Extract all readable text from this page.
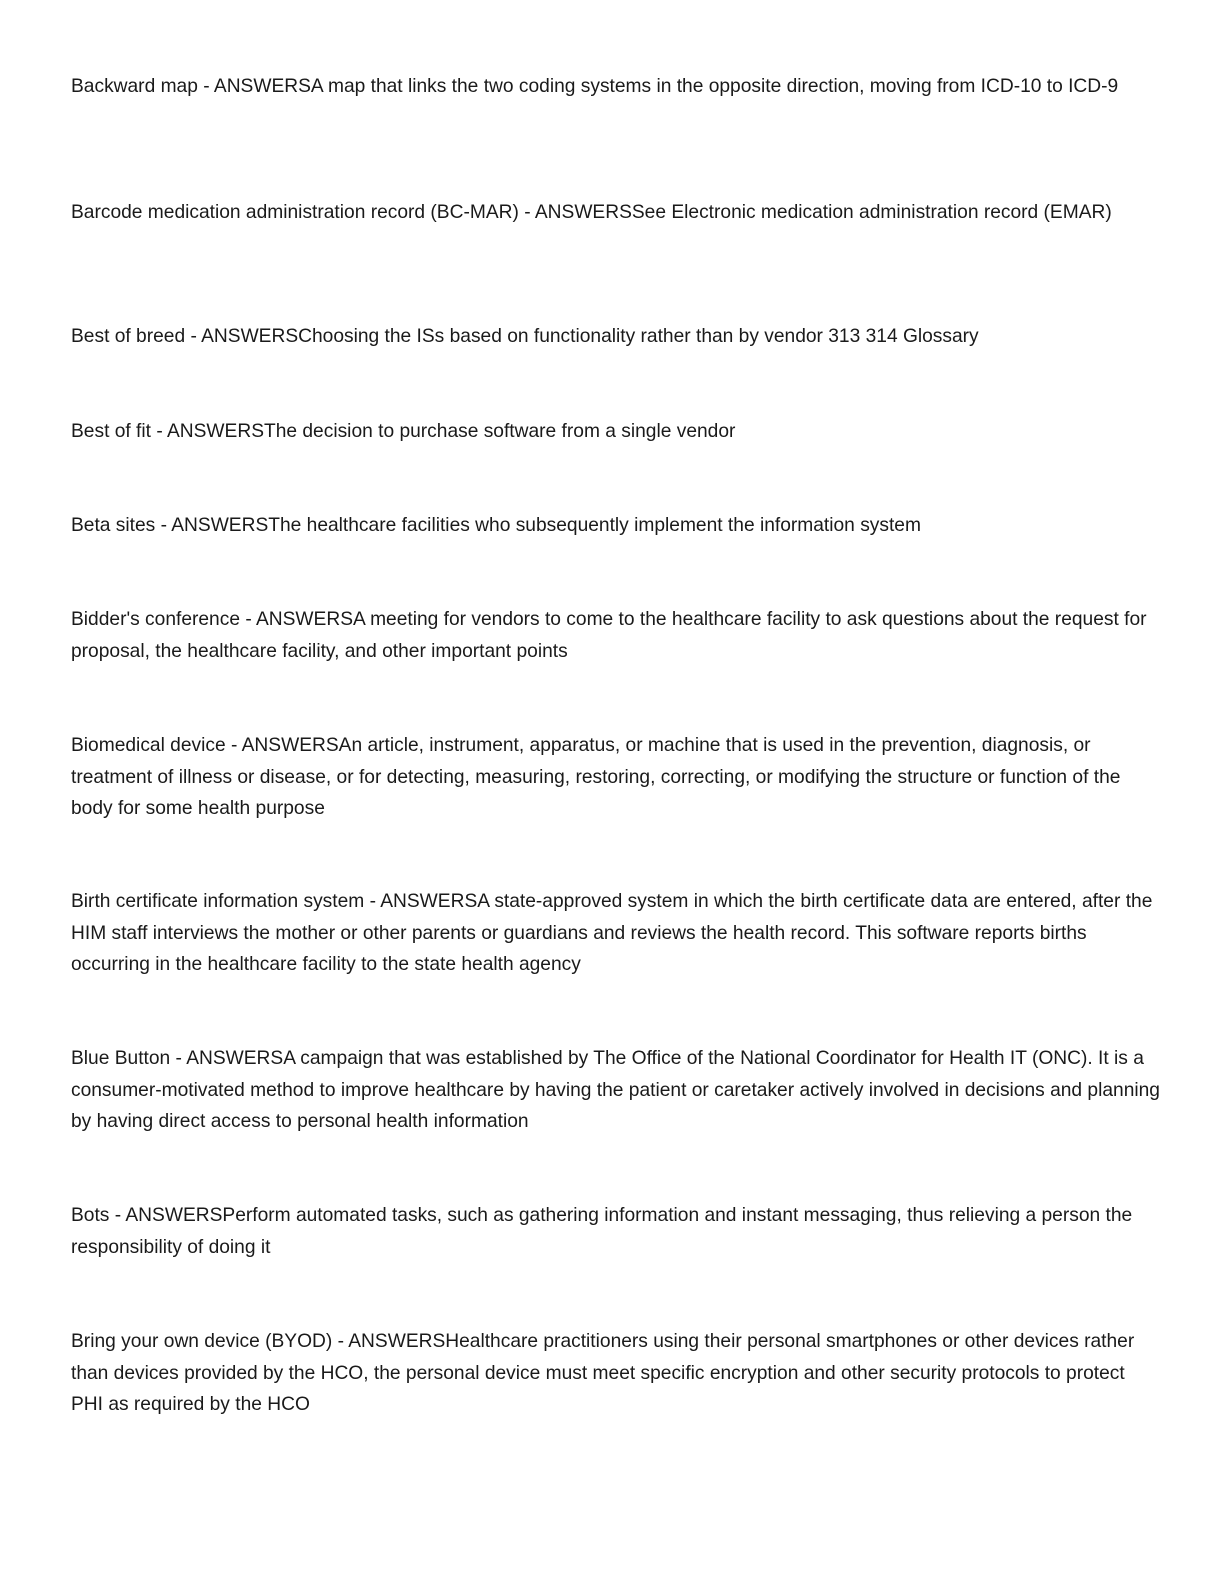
Backward map - ANSWERSA map that links the two coding systems in the opposite direction, moving from ICD-10 to ICD-9

Barcode medication administration record (BC-MAR) - ANSWERSSee Electronic medication administration record (EMAR)

Best of breed - ANSWERSChoosing the ISs based on functionality rather than by vendor 313 314 Glossary

Best of fit - ANSWERSThe decision to purchase software from a single vendor

Beta sites - ANSWERSThe healthcare facilities who subsequently implement the information system

Bidder's conference - ANSWERSA meeting for vendors to come to the healthcare facility to ask questions about the request for proposal, the healthcare facility, and other important points

Biomedical device - ANSWERSAn article, instrument, apparatus, or machine that is used in the prevention, diagnosis, or treatment of illness or disease, or for detecting, measuring, restoring, correcting, or modifying the structure or function of the body for some health purpose

Birth certificate information system - ANSWERSA state-approved system in which the birth certificate data are entered, after the HIM staff interviews the mother or other parents or guardians and reviews the health record. This software reports births occurring in the healthcare facility to the state health agency

Blue Button - ANSWERSA campaign that was established by The Office of the National Coordinator for Health IT (ONC). It is a consumer-motivated method to improve healthcare by having the patient or caretaker actively involved in decisions and planning by having direct access to personal health information

Bots - ANSWERSPerform automated tasks, such as gathering information and instant messaging, thus relieving a person the responsibility of doing it

Bring your own device (BYOD) - ANSWERSHealthcare practitioners using their personal smartphones or other devices rather than devices provided by the HCO, the personal device must meet specific encryption and other security protocols to protect PHI as required by the HCO
